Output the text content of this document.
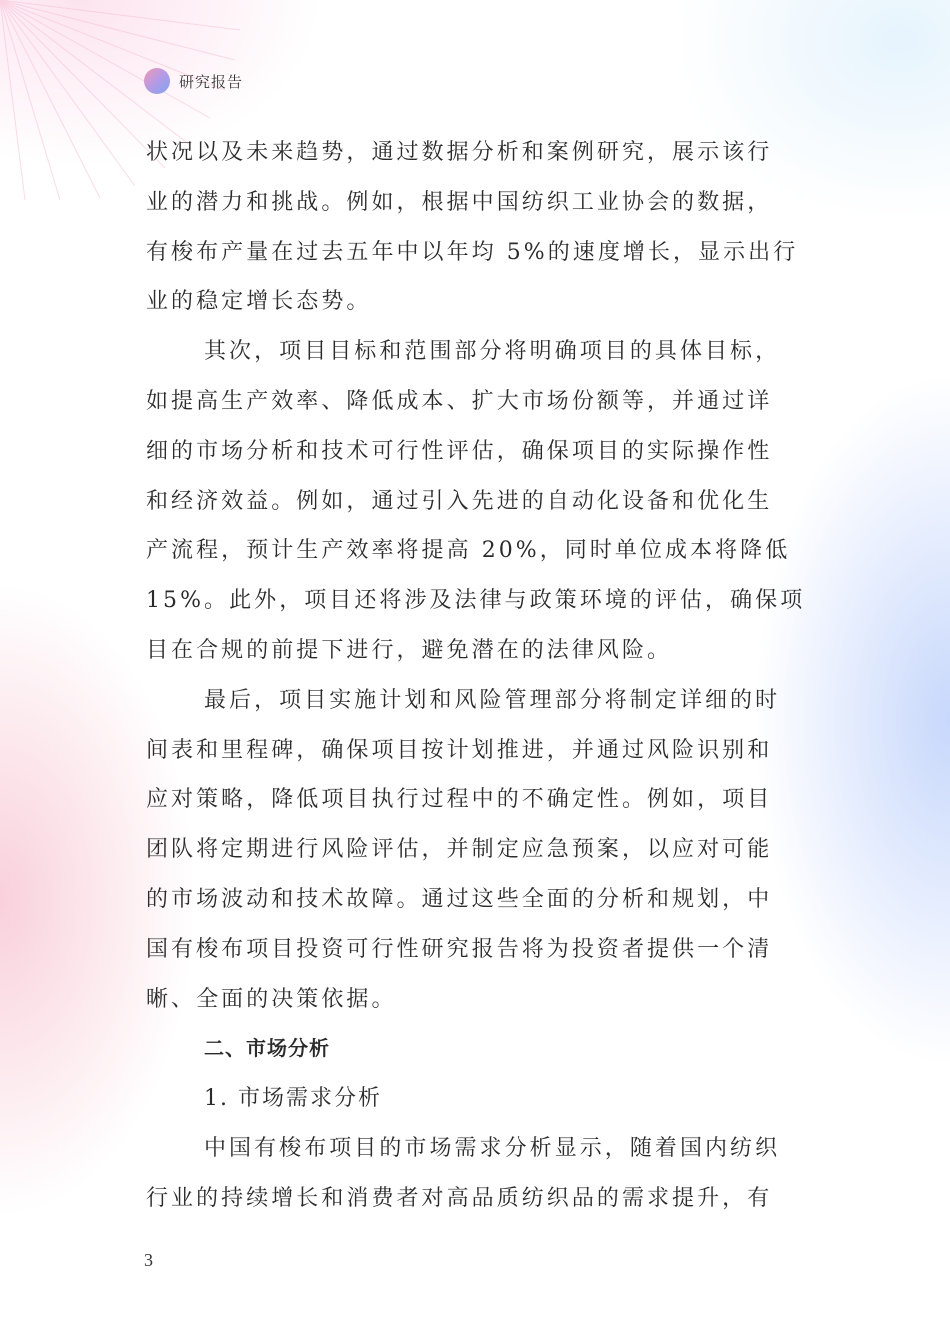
研究报告
状况以及未来趋势，通过数据分析和案例研究，展示该行
业的潜力和挑战。例如，根据中国纺织工业协会的数据，
有梭布产量在过去五年中以年均 5%的速度增长，显示出行
业的稳定增长态势。
其次，项目目标和范围部分将明确项目的具体目标，
如提高生产效率、降低成本、扩大市场份额等，并通过详
细的市场分析和技术可行性评估，确保项目的实际操作性
和经济效益。例如，通过引入先进的自动化设备和优化生
产流程，预计生产效率将提高 20%，同时单位成本将降低
15%。此外，项目还将涉及法律与政策环境的评估，确保项
目在合规的前提下进行，避免潜在的法律风险。
最后，项目实施计划和风险管理部分将制定详细的时
间表和里程碑，确保项目按计划推进，并通过风险识别和
应对策略，降低项目执行过程中的不确定性。例如，项目
团队将定期进行风险评估，并制定应急预案，以应对可能
的市场波动和技术故障。通过这些全面的分析和规划，中
国有梭布项目投资可行性研究报告将为投资者提供一个清
晰、全面的决策依据。
二、市场分析
1. 市场需求分析
中国有梭布项目的市场需求分析显示，随着国内纺织
行业的持续增长和消费者对高品质纺织品的需求提升，有
3
